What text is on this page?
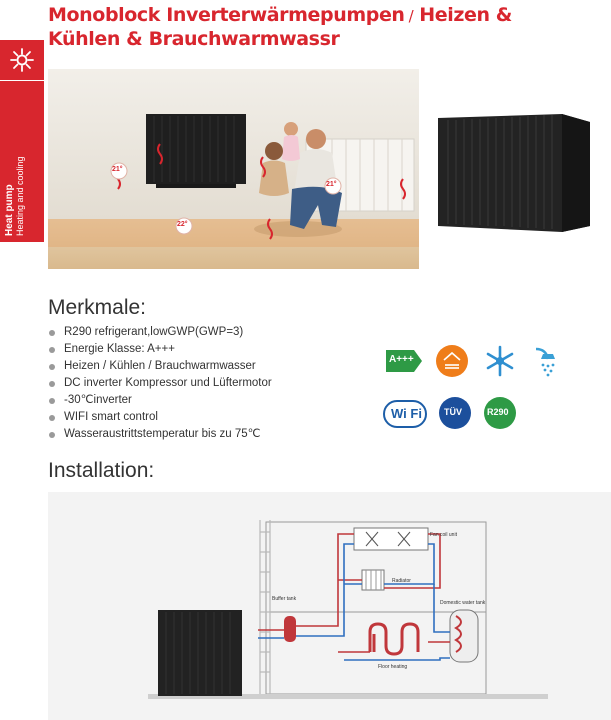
Monoblock Inverterwärmepumpen / Heizen &
Kühlen & Brauchwarmwassr
Heat pump Heating and cooling	21°
21°
22°
Merkmale:
R290 refrigerant,lowGWP(GWP=3)
Energie Klasse: A+++
Heizen / Kühlen / Brauchwarmwasser
DC inverter Kompressor und Lüftermotor
-30℃inverter
WIFI smart control
Wasseraustrittstemperatur bis zu 75℃
A+++
Wi Fi TÜV	R290
Installation:
Fan coil unit
Radiator
Buffer tank
Domestic water tank
Floor heating
